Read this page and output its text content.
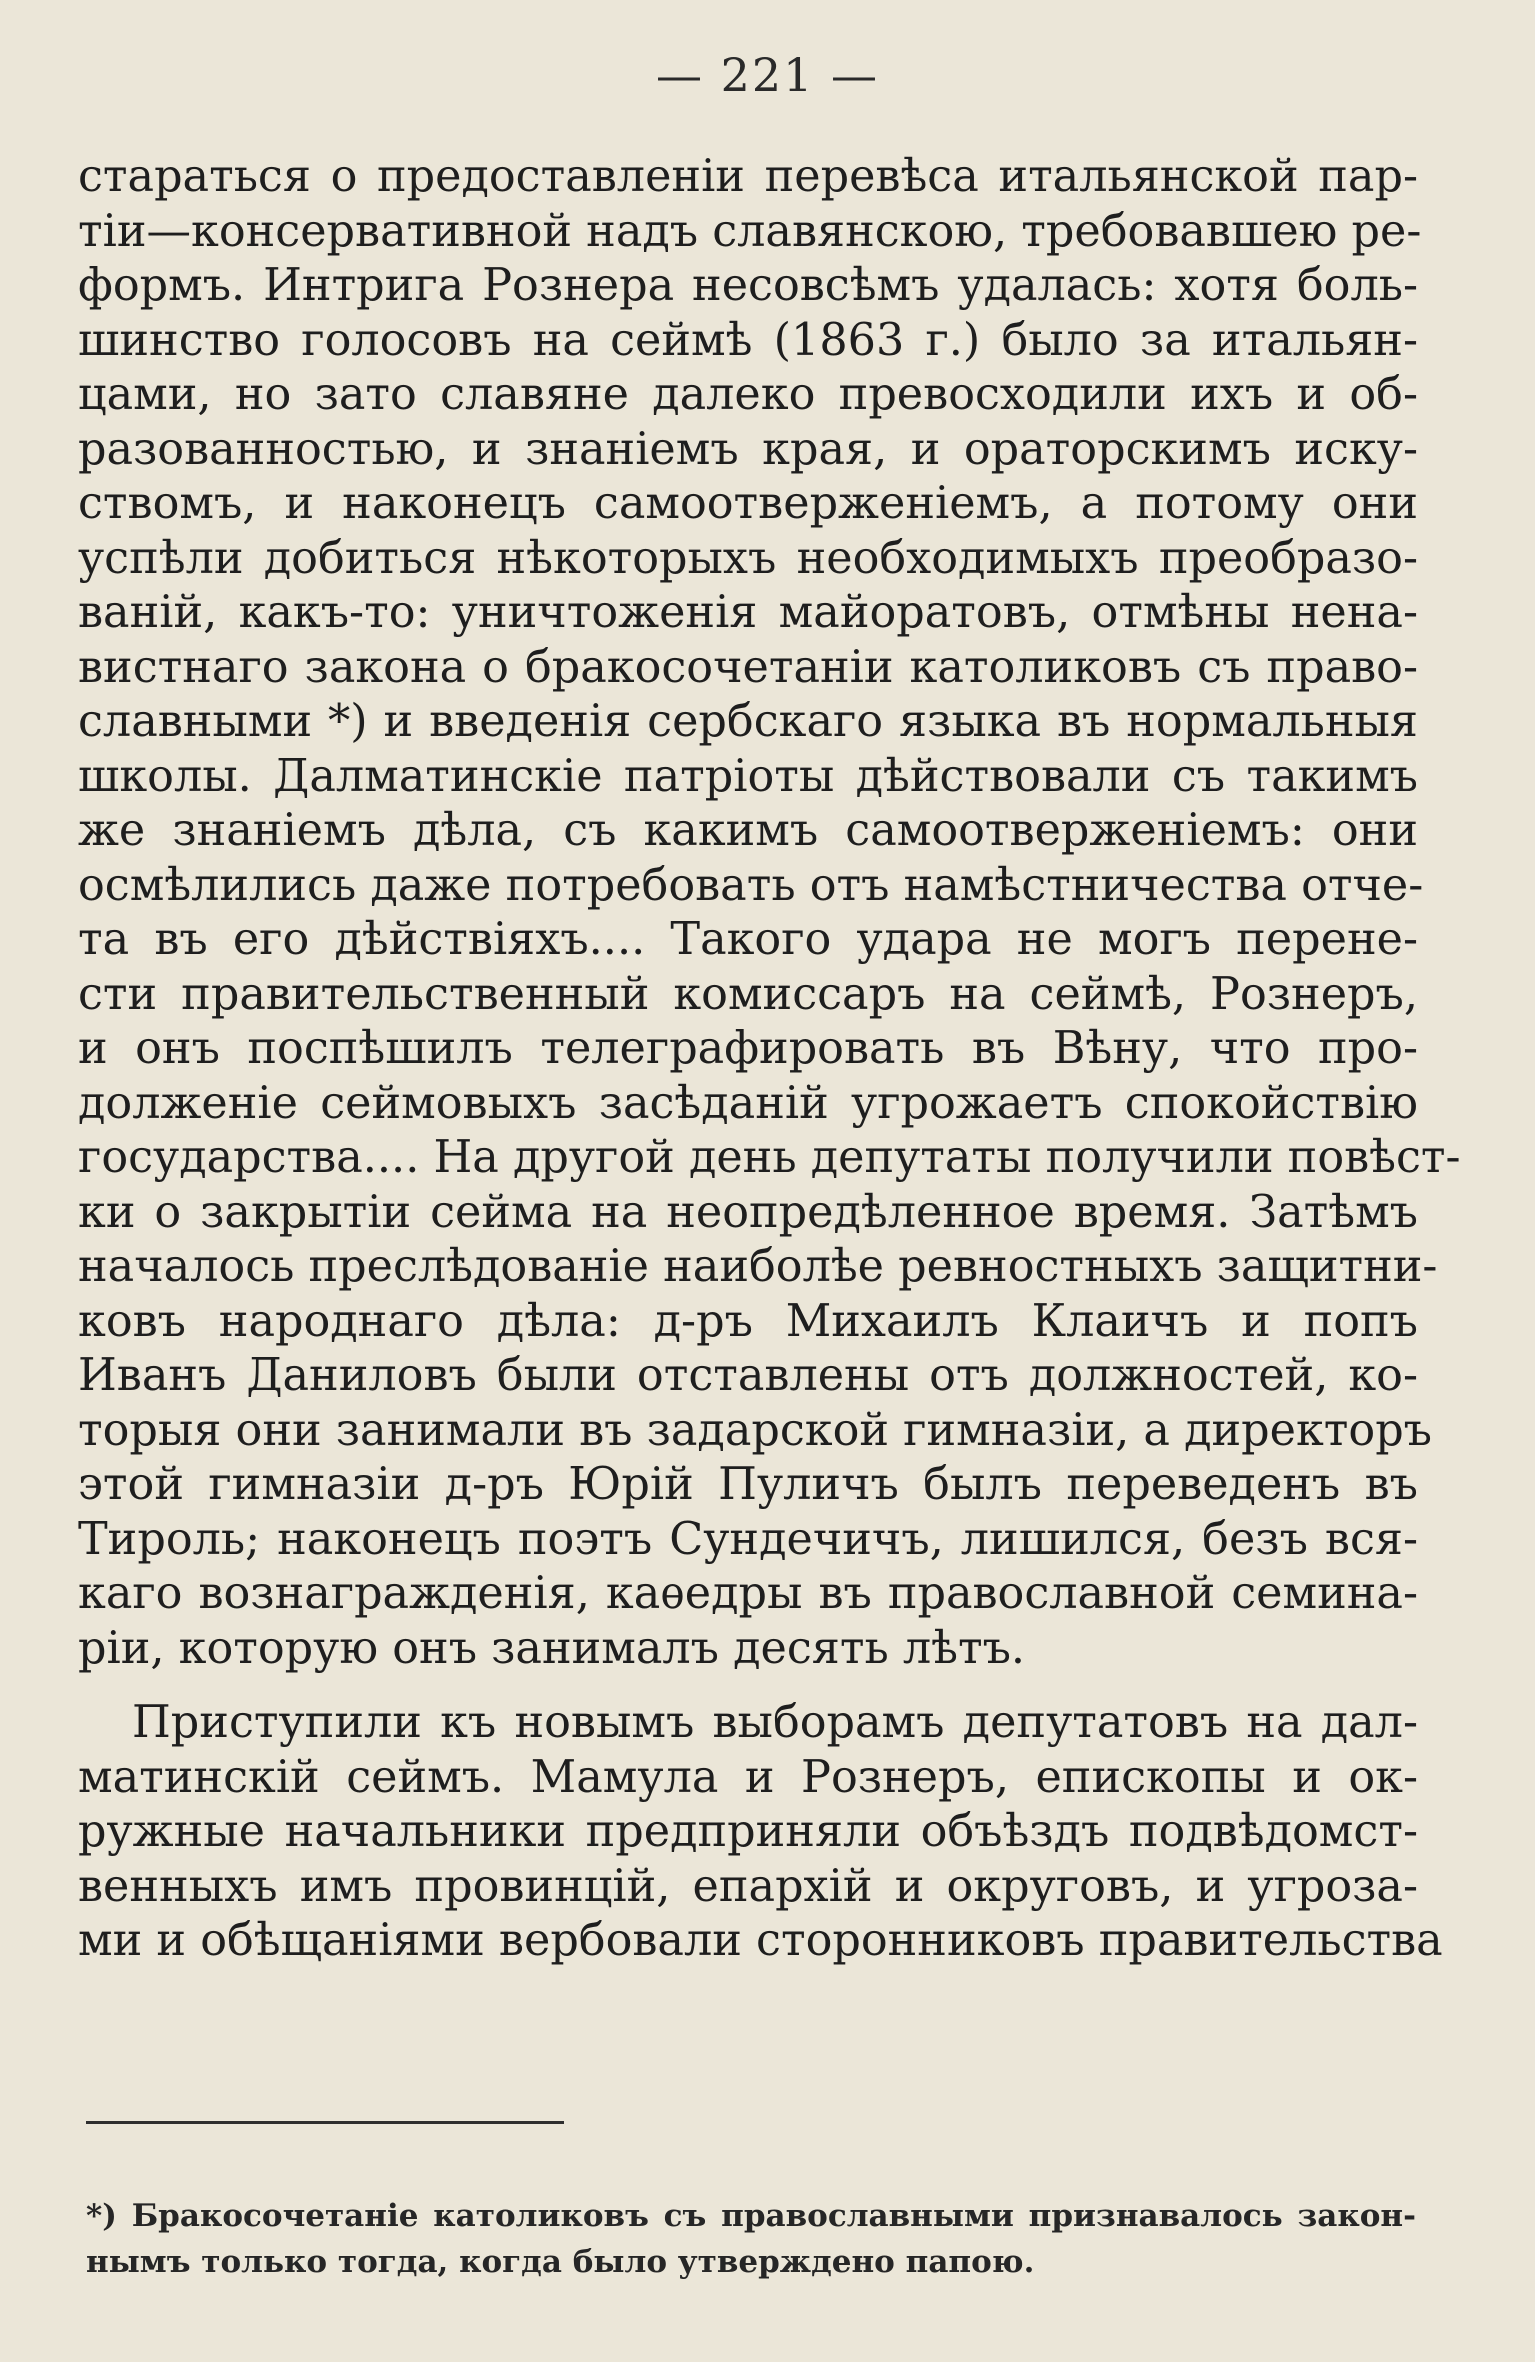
— 221 —
стараться о предоставленіи перевѣса итальянской пар-
тіи—консервативной надъ славянскою, требовавшею ре-
формъ. Интрига Рознера несовсѣмъ удалась: хотя боль-
шинство голосовъ на сеймѣ (1863 г.) было за итальян-
цами, но зато славяне далеко превосходили ихъ и об-
разованностью, и знаніемъ края, и ораторскимъ иску-
ствомъ, и наконецъ самоотверженіемъ, а потому они
успѣли добиться нѣкоторыхъ необходимыхъ преобразо-
ваній, какъ-то: уничтоженія майоратовъ, отмѣны нена-
вистнаго закона о бракосочетаніи католиковъ съ право-
славными *) и введенія сербскаго языка въ нормальныя
школы. Далматинскіе патріоты дѣйствовали съ такимъ
же знаніемъ дѣла, съ какимъ самоотверженіемъ: они
осмѣлились даже потребовать отъ намѣстничества отче-
та въ его дѣйствіяхъ.... Такого удара не могъ перене-
сти правительственный комиссаръ на сеймѣ, Рознеръ,
и онъ поспѣшилъ телеграфировать въ Вѣну, что про-
долженіе сеймовыхъ засѣданій угрожаетъ спокойствію
государства.... На другой день депутаты получили повѣст-
ки о закрытіи сейма на неопредѣленное время. Затѣмъ
началось преслѣдованіе наиболѣе ревностныхъ защитни-
ковъ народнаго дѣла: д-ръ Михаилъ Клаичъ и попъ
Иванъ Даниловъ были отставлены отъ должностей, ко-
торыя они занимали въ задарской гимназіи, а директоръ
этой гимназіи д-ръ Юрій Пуличъ былъ переведенъ въ
Тироль; наконецъ поэтъ Сундечичъ, лишился, безъ вся-
каго вознагражденія, каѳедры въ православной семина-
ріи, которую онъ занималъ десять лѣтъ.
Приступили къ новымъ выборамъ депутатовъ на дал-
матинскій сеймъ. Мамула и Рознеръ, епископы и ок-
ружные начальники предприняли объѣздъ подвѣдомст-
венныхъ имъ провинцій, епархій и округовъ, и угроза-
ми и обѣщаніями вербовали сторонниковъ правительства
*) Бракосочетаніе католиковъ съ православными признавалось закон-
нымъ только тогда, когда было утверждено папою.
